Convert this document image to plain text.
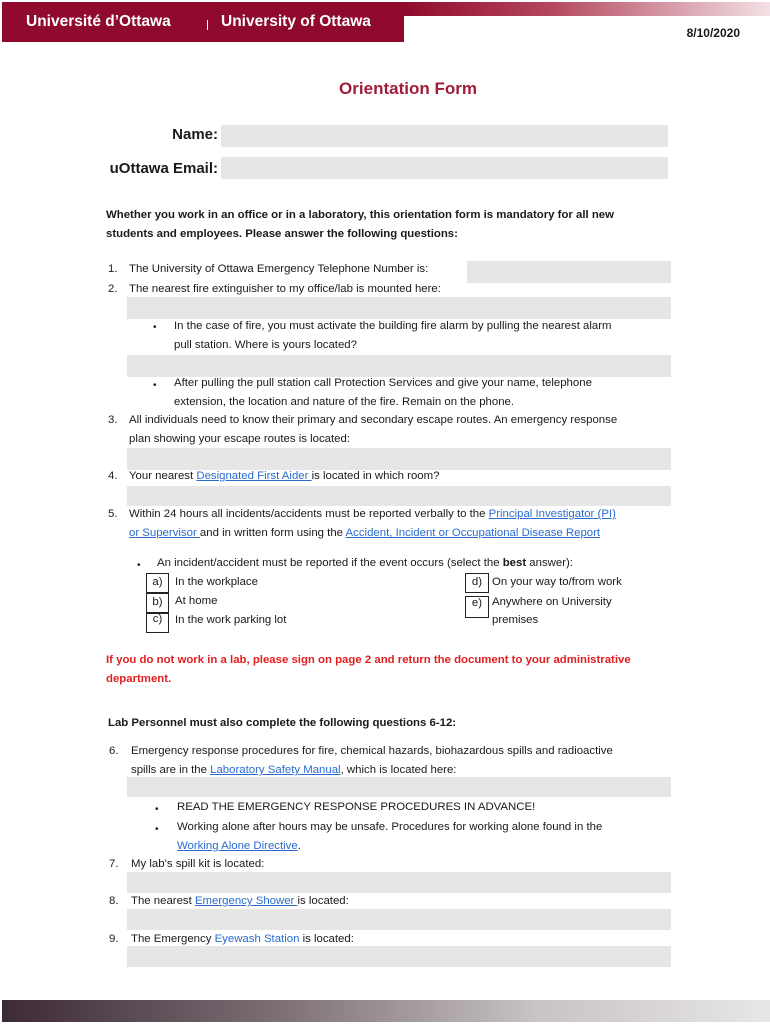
Université d’Ottawa	University of Ottawa
8/10/2020
Orientation Form
Name:
uOttawa Email:
Whether you work in an office or in a laboratory, this orientation form is mandatory for all new
students and employees. Please answer the following questions:
1. The University of Ottawa Emergency Telephone Number is:
2. The nearest fire extinguisher to my office/lab is mounted here:
• In the case of fire, you must activate the building fire alarm by pulling the nearest alarm
pull station. Where is yours located?
• After pulling the pull station call Protection Services and give your name, telephone
extension, the location and nature of the fire. Remain on the phone.
3. All individuals need to know their primary and secondary escape routes. An emergency response
plan showing your escape routes is located:
4. Your nearest Designated First Aider is located in which room?
5. Within 24 hours all incidents/accidents must be reported verbally to the Principal Investigator (PI)
or Supervisor and in written form using the Accident, Incident or Occupational Disease Report
• An incident/accident must be reported if the event occurs (select the best answer):
a)	In the workplace
b)	At home
c)	In the work parking lot
d) On your way to/from work
e) Anywhere on University
premises
If you do not work in a lab, please sign on page 2 and return the document to your administrative
department.
Lab Personnel must also complete the following questions 6-12:
6. Emergency response procedures for fire, chemical hazards, biohazardous spills and radioactive
spills are in the Laboratory Safety Manual, which is located here:
• READ THE EMERGENCY RESPONSE PROCEDURES IN ADVANCE!
• Working alone after hours may be unsafe. Procedures for working alone found in the
Working Alone Directive.
7. My lab’s spill kit is located:
8. The nearest Emergency Shower is located:
9. The Emergency Eyewash Station is located:
